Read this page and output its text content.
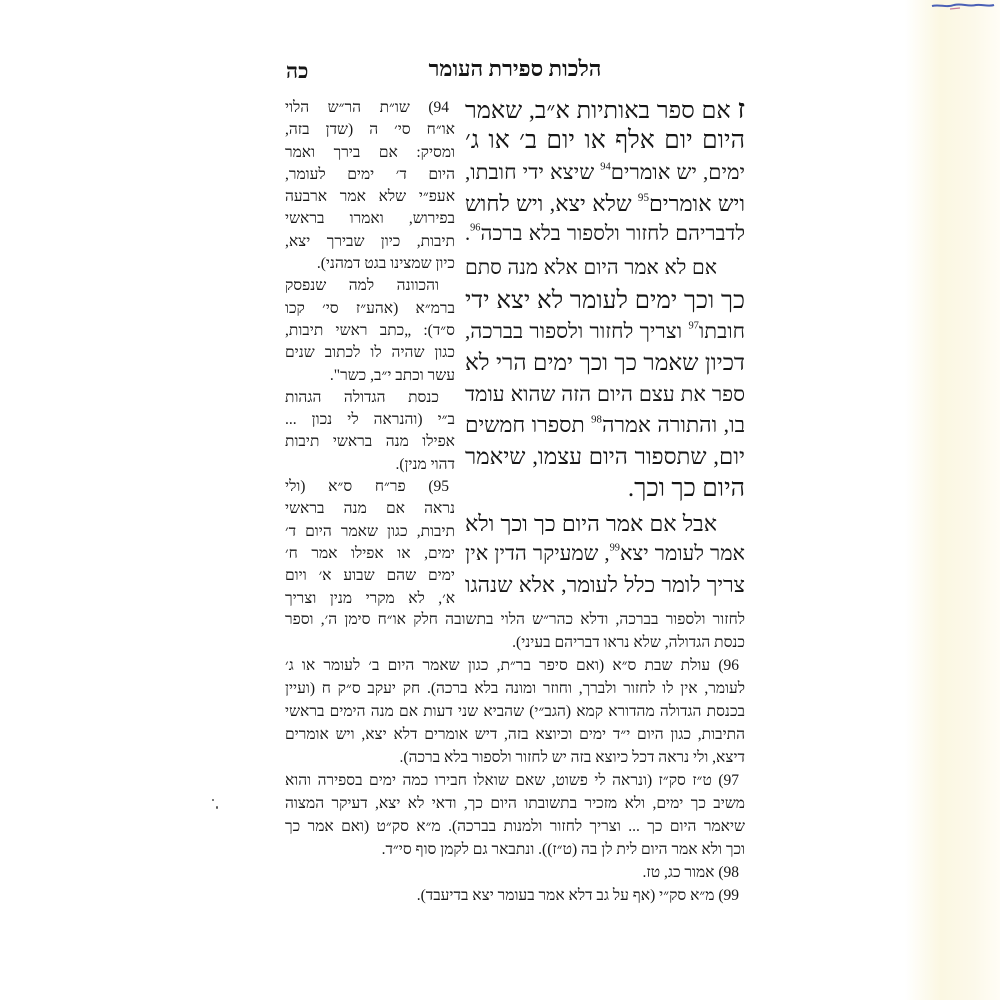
הלכות ספירת העומר
כה
ז אם ספר באותיות א״ב, שאמר
היום יום אלף או יום ב׳ או ג׳
ימים, יש אומרים$^{94}$ שיצא ידי חובתו,
ויש אומרים$^{95}$ שלא יצא, ויש לחוש
לדבריהם לחזור ולספור בלא ברכה$^{96}$.
אם לא אמר היום אלא מנה סתם
כך וכך ימים לעומר לא יצא ידי
חובתו$^{97}$ וצריך לחזור ולספור בברכה,
דכיון שאמר כך וכך ימים הרי לא
ספר את עצם היום הזה שהוא עומד
בו, והתורה אמרה$^{98}$ תספרו חמשים
יום, שתספור היום עצמו, שיאמר
היום כך וכך.
אבל אם אמר היום כך וכך ולא
אמר לעומר יצא$^{99}$, שמעיקר הדין אין
צריך לומר כלל לעומר, אלא שנהגו
94) שו״ת הר״ש הלוי
או״ח סי׳ ה (שדן בזה,
ומסיק: אם בירך ואמר
היום ד׳ ימים לעומר,
אעפ״י שלא אמר ארבעה
בפירוש, ואמרו בראשי
תיבות, כיון שבירך יצא,
כיון שמצינו בגט דמהני).
והכוונה למה שנפסק
ברמ״א (אהע״ז סי׳ קכו
ס״ד): „כתב ראשי תיבות,
כגון שהיה לו לכתוב שנים
עשר וכתב י״ב, כשר".
כנסת הגדולה הגהות
ב״י (והנראה לי נכון ...
אפילו מנה בראשי תיבות
דהוי מנין).
95) פר״ח ס״א (ולי
נראה אם מנה בראשי
תיבות, כגון שאמר היום ד׳
ימים, או אפילו אמר ח׳
ימים שהם שבוע א׳ ויום
א׳, לא מקרי מנין וצריך
לחזור ולספור בברכה, ודלא כהר״ש הלוי בתשובה חלק או״ח סימן ה׳, וספר
כנסת הגדולה, שלא נראו דבריהם בעיני).
96) עולת שבת ס״א (ואם סיפר בר״ת, כגון שאמר היום ב׳ לעומר או ג׳
לעומר, אין לו לחזור ולברך, וחוזר ומונה בלא ברכה). חק יעקב ס״ק ח (ועיין
בכנסת הגדולה מהדורא קמא (הגב״י) שהביא שני דעות אם מנה הימים בראשי
התיבות, כגון היום י״ד ימים וכיוצא בזה, דיש אומרים דלא יצא, ויש אומרים
דיצא, ולי נראה דכל כיוצא בזה יש לחזור ולספור בלא ברכה).
97) ט״ז סק״ז (ונראה לי פשוט, שאם שואלו חבירו כמה ימים בספירה והוא
משיב כך ימים, ולא מזכיר בתשובתו היום כך, ודאי לא יצא, דעיקר המצוה
שיאמר היום כך ... וצריך לחזור ולמנות בברכה). מ״א סק״ט (ואם אמר כך
וכך ולא אמר היום לית לן בה (ט״ז)). ונתבאר גם לקמן סוף סי״ד.
98) אמור כג, טז.
99) מ״א סק״י (אף על גב דלא אמר בעומר יצא בדיעבד).
